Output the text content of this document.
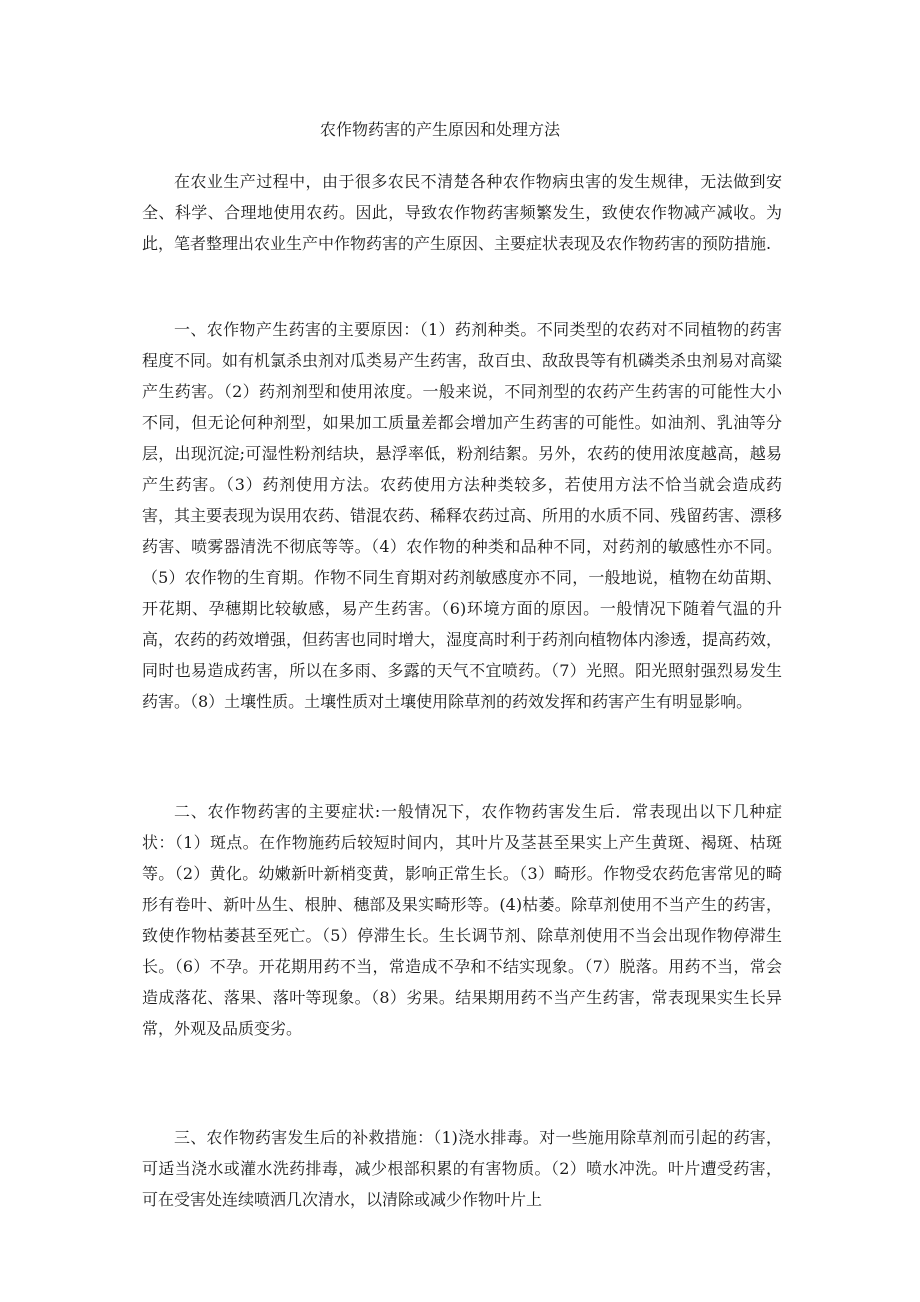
农作物药害的产生原因和处理方法

在农业生产过程中，由于很多农民不清楚各种农作物病虫害的发生规律，无法做到安全、科学、合理地使用农药。因此，导致农作物药害频繁发生，致使农作物减产减收。为此，笔者整理出农业生产中作物药害的产生原因、主要症状表现及农作物药害的预防措施.

一、农作物产生药害的主要原因：（1）药剂种类。不同类型的农药对不同植物的药害程度不同。如有机氯杀虫剂对瓜类易产生药害，敌百虫、敌敌畏等有机磷类杀虫剂易对高粱产生药害。（2）药剂剂型和使用浓度。一般来说，不同剂型的农药产生药害的可能性大小不同，但无论何种剂型，如果加工质量差都会增加产生药害的可能性。如油剂、乳油等分层，出现沉淀;可湿性粉剂结块，悬浮率低，粉剂结絮。另外，农药的使用浓度越高，越易产生药害。（3）药剂使用方法。农药使用方法种类较多，若使用方法不恰当就会造成药害，其主要表现为误用农药、错混农药、稀释农药过高、所用的水质不同、残留药害、漂移药害、喷雾器清洗不彻底等等。（4）农作物的种类和品种不同，对药剂的敏感性亦不同。（5）农作物的生育期。作物不同生育期对药剂敏感度亦不同，一般地说，植物在幼苗期、开花期、孕穗期比较敏感，易产生药害。（6)环境方面的原因。一般情况下随着气温的升高，农药的药效增强，但药害也同时增大，湿度高时利于药剂向植物体内渗透，提高药效，同时也易造成药害，所以在多雨、多露的天气不宜喷药。（7）光照。阳光照射强烈易发生药害。（8）土壤性质。土壤性质对土壤使用除草剂的药效发挥和药害产生有明显影响。

二、农作物药害的主要症状:一般情况下，农作物药害发生后．常表现出以下几种症状：（1）斑点。在作物施药后较短时间内，其叶片及茎甚至果实上产生黄斑、褐斑、枯斑等。（2）黄化。幼嫩新叶新梢变黄，影响正常生长。（3）畸形。作物受农药危害常见的畸形有卷叶、新叶丛生、根肿、穗部及果实畸形等。(4)枯萎。除草剂使用不当产生的药害，致使作物枯萎甚至死亡。（5）停滞生长。生长调节剂、除草剂使用不当会出现作物停滞生长。（6）不孕。开花期用药不当，常造成不孕和不结实现象。（7）脱落。用药不当，常会造成落花、落果、落叶等现象。（8）劣果。结果期用药不当产生药害，常表现果实生长异常，外观及品质变劣。

三、农作物药害发生后的补救措施：（1)浇水排毒。对一些施用除草剂而引起的药害，可适当浇水或灌水洗药排毒，减少根部积累的有害物质。（2）喷水冲洗。叶片遭受药害，可在受害处连续喷洒几次清水，以清除或减少作物叶片上
